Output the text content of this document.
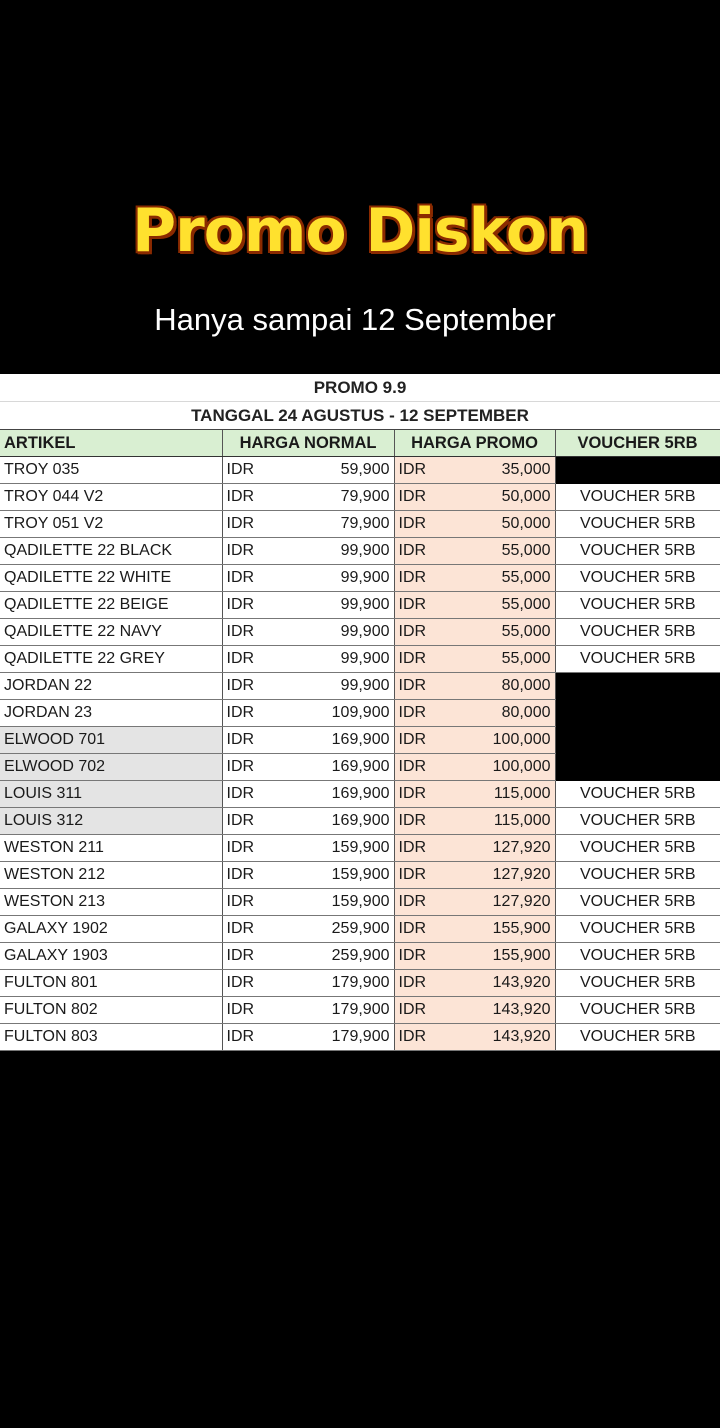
Promo Diskon
Hanya sampai 12 September
PROMO 9.9
TANGGAL 24 AGUSTUS - 12 SEPTEMBER
ARTIKEL	HARGA NORMAL		HARGA PROMO		VOUCHER 5RB
TROY 035	IDR	59,900	IDR	35,000	
TROY 044 V2	IDR	79,900	IDR	50,000	VOUCHER 5RB
TROY 051 V2	IDR	79,900	IDR	50,000	VOUCHER 5RB
QADILETTE 22 BLACK	IDR	99,900	IDR	55,000	VOUCHER 5RB
QADILETTE 22 WHITE	IDR	99,900	IDR	55,000	VOUCHER 5RB
QADILETTE 22 BEIGE	IDR	99,900	IDR	55,000	VOUCHER 5RB
QADILETTE 22 NAVY	IDR	99,900	IDR	55,000	VOUCHER 5RB
QADILETTE 22 GREY	IDR	99,900	IDR	55,000	VOUCHER 5RB
JORDAN 22	IDR	99,900	IDR	80,000	
JORDAN 23	IDR	109,900	IDR	80,000	
ELWOOD 701	IDR	169,900	IDR	100,000	
ELWOOD 702	IDR	169,900	IDR	100,000	
LOUIS 311	IDR	169,900	IDR	115,000	VOUCHER 5RB
LOUIS 312	IDR	169,900	IDR	115,000	VOUCHER 5RB
WESTON 211	IDR	159,900	IDR	127,920	VOUCHER 5RB
WESTON 212	IDR	159,900	IDR	127,920	VOUCHER 5RB
WESTON 213	IDR	159,900	IDR	127,920	VOUCHER 5RB
GALAXY 1902	IDR	259,900	IDR	155,900	VOUCHER 5RB
GALAXY 1903	IDR	259,900	IDR	155,900	VOUCHER 5RB
FULTON 801	IDR	179,900	IDR	143,920	VOUCHER 5RB
FULTON 802	IDR	179,900	IDR	143,920	VOUCHER 5RB
FULTON 803	IDR	179,900	IDR	143,920	VOUCHER 5RB
